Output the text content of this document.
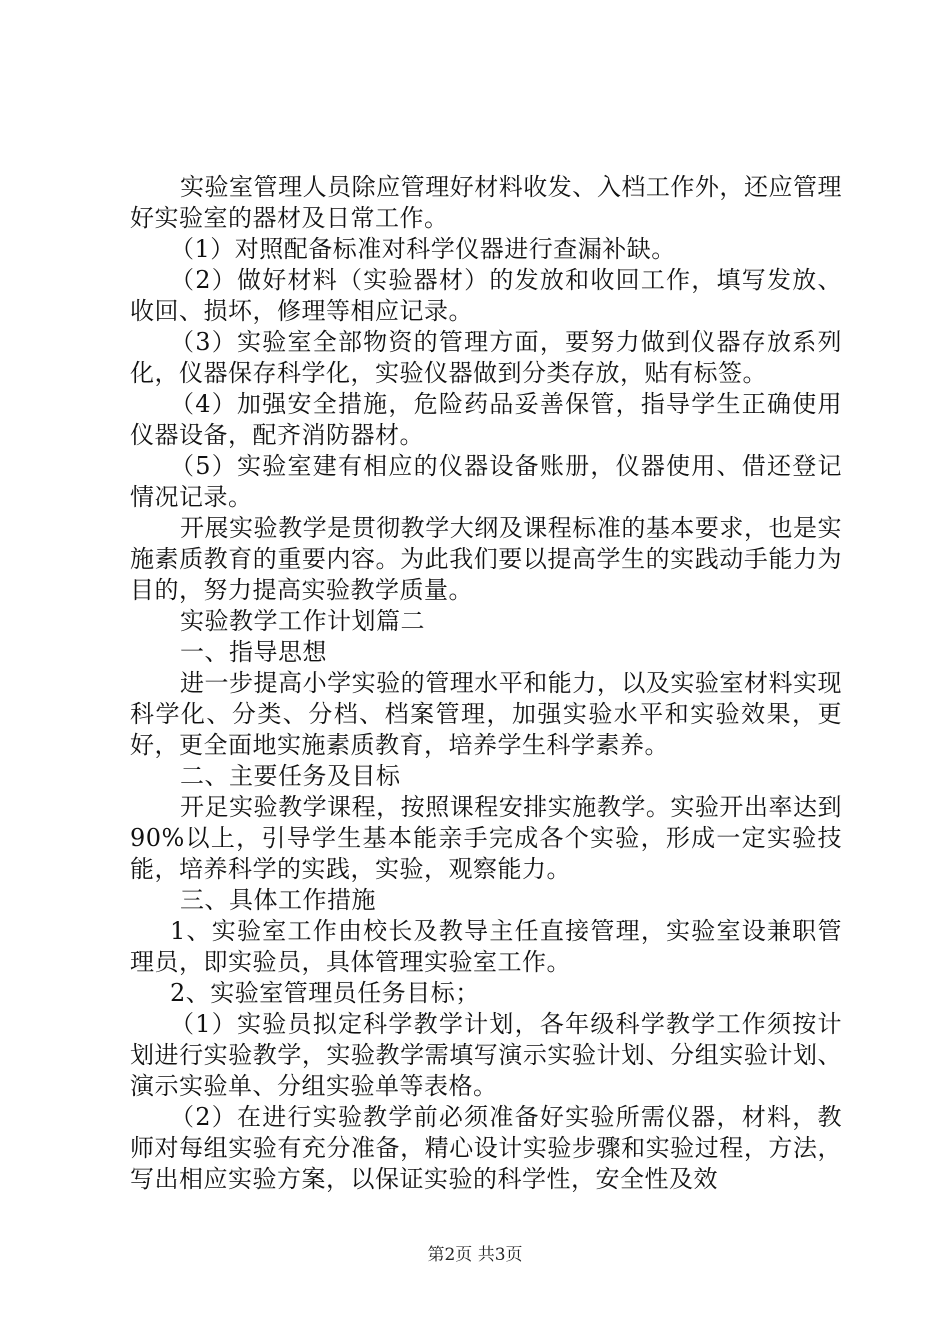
实验室管理人员除应管理好材料收发、入档工作外，还应管理好实验室的器材及日常工作。

（1）对照配备标准对科学仪器进行查漏补缺。

（2）做好材料（实验器材）的发放和收回工作，填写发放、收回、损坏，修理等相应记录。

（3）实验室全部物资的管理方面，要努力做到仪器存放系列化，仪器保存科学化，实验仪器做到分类存放，贴有标签。

（4）加强安全措施，危险药品妥善保管，指导学生正确使用仪器设备，配齐消防器材。

（5）实验室建有相应的仪器设备账册，仪器使用、借还登记情况记录。

开展实验教学是贯彻教学大纲及课程标准的基本要求，也是实施素质教育的重要内容。为此我们要以提高学生的实践动手能力为目的，努力提高实验教学质量。

实验教学工作计划篇二

一、指导思想

进一步提高小学实验的管理水平和能力，以及实验室材料实现科学化、分类、分档、档案管理，加强实验水平和实验效果，更好，更全面地实施素质教育，培养学生科学素养。

二、主要任务及目标

开足实验教学课程，按照课程安排实施教学。实验开出率达到90%以上，引导学生基本能亲手完成各个实验，形成一定实验技能，培养科学的实践，实验，观察能力。

三、具体工作措施

1、实验室工作由校长及教导主任直接管理，实验室设兼职管理员，即实验员，具体管理实验室工作。

2、实验室管理员任务目标；

（1）实验员拟定科学教学计划，各年级科学教学工作须按计划进行实验教学，实验教学需填写演示实验计划、分组实验计划、演示实验单、分组实验单等表格。

（2）在进行实验教学前必须准备好实验所需仪器，材料，教师对每组实验有充分准备，精心设计实验步骤和实验过程，方法，写出相应实验方案，以保证实验的科学性，安全性及效

第2页 共3页
